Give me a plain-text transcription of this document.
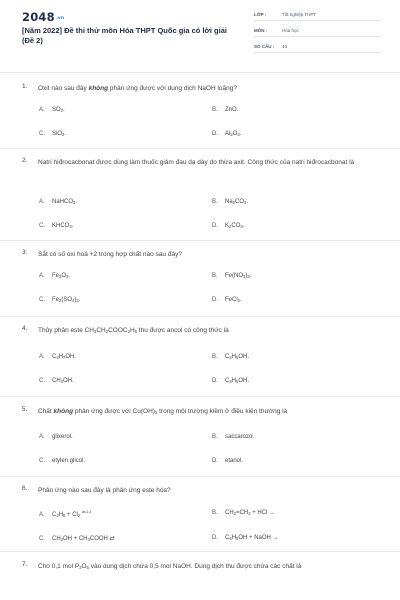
$2048^{.vn}$
[Năm 2022] Đề thi thử môn Hóa THPT Quốc gia có lời giải (Đề 2)
LỚP :	Tốt nghiệp THPT
MÔN :	Hóa học
SỐ CÂU :	40
1. Oxit nào sau đây không phản ứng được với dung dịch NaOH loãng?
A. $SO_2$.	B. ZnO.
C. SiO$_2$.	D. $Al_2O_3$.
2. Natri hiđrocacbonat được dùng làm thuốc giảm đau dạ dày do thừa axit. Công thức của natri hiđrocacbonat là
A. NaHCO$_3$.	B. $Na_2CO_3$.
C. $KHCO_3$.	D. $K_2CO_3$.
3. Sắt có số oxi hoá +2 trong hợp chất nào sau đây?
A. $Fe_2O_3$.	B. $Fe(NO_3)_3$.
C. $Fe_2(SO_4)_3$.	D. FeCl$_2$.
4. Thủy phân este $CH_3CH_2COOC_2H_5$ thu được ancol có công thức là
A. $C_3H_7OH$.	B. $C_2H_5OH$.
C. $CH_3OH$.	D. $C_3H_5OH$.
5. Chất không phản ứng được với $Cu(OH)_2$ trong môi trường kiềm ở điều kiện thường là
A. glixerol.	B. saccarozơ.
C. etylen glicol.	D. etanol.
6. Phản ứng nào sau đây là phản ứng este hóa?
A. $C_2H_6 + Cl_2$ $^{as,1:1}$	B. $CH_2=CH_2$ + HCl →
C. $CH_3OH$ + $CH_3COOH$ ⇄	D. $C_6H_5OH$ + NaOH →
7. Cho 0,1 mol $P_2O_5$ vào dung dịch chứa 0,5 mol NaOH. Dung dịch thu được chứa các chất là
